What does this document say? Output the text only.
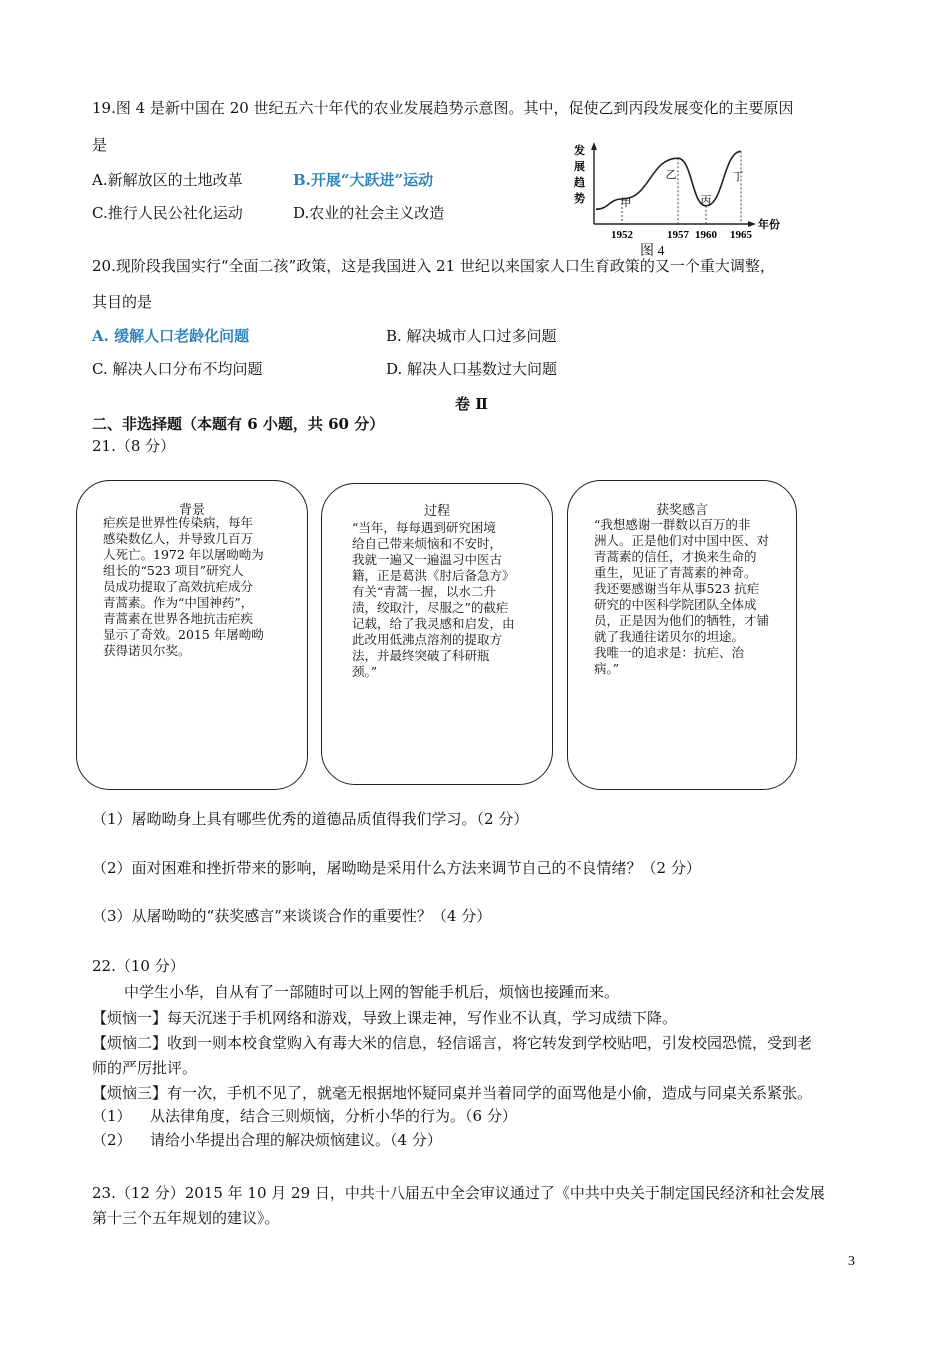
19.图 4 是新中国在 20 世纪五六十年代的农业发展趋势示意图。其中，促使乙到丙段发展变化的主要原因
是
A.新解放区的土地改革	B.开展“大跃进”运动
C.推行人民公社化运动	D.农业的社会主义改造
发
展
趋
势
年份
1952	1957 1960 1965
甲
乙
丙
丁
图 4
20.现阶段我国实行“全面二孩”政策，这是我国进入 21 世纪以来国家人口生育政策的又一个重大调整，
其目的是
A. 缓解人口老龄化问题	B. 解决城市人口过多问题
C. 解决人口分布不均问题	D. 解决人口基数过大问题
卷 Ⅱ
二、非选择题（本题有 6 小题，共 60 分）
21.（8 分）
背景
疟疾是世界性传染病，每年
感染数亿人，并导致几百万
人死亡。1972 年以屠呦呦为
组长的“523 项目”研究人
员成功提取了高效抗疟成分
青蒿素。作为“中国神药”，
青蒿素在世界各地抗击疟疾
显示了奇效。2015 年屠呦呦
获得诺贝尔奖。
过程
“当年，每每遇到研究困境
给自己带来烦恼和不安时，
我就一遍又一遍温习中医古
籍，正是葛洪《肘后备急方》
有关“青蒿一握，以水二升
渍，绞取汁，尽服之”的截疟
记载，给了我灵感和启发，由
此改用低沸点溶剂的提取方
法，并最终突破了科研瓶
颈。”
获奖感言
“我想感谢一群数以百万的非
洲人。正是他们对中国中医、对
青蒿素的信任，才换来生命的
重生，见证了青蒿素的神奇。
我还要感谢当年从事523 抗疟
研究的中医科学院团队全体成
员，正是因为他们的牺牲，才铺
就了我通往诺贝尔的坦途。
我唯一的追求是：抗疟、治
病。”
（1）屠呦呦身上具有哪些优秀的道德品质值得我们学习。（2 分）
（2）面对困难和挫折带来的影响，屠呦呦是采用什么方法来调节自己的不良情绪？（2 分）
（3）从屠呦呦的“获奖感言”来谈谈合作的重要性？（4 分）
22.（10 分）
中学生小华，自从有了一部随时可以上网的智能手机后，烦恼也接踵而来。
【烦恼一】每天沉迷于手机网络和游戏，导致上课走神，写作业不认真，学习成绩下降。
【烦恼二】收到一则本校食堂购入有毒大米的信息，轻信谣言，将它转发到学校贴吧，引发校园恐慌，受到老
师的严厉批评。
【烦恼三】有一次，手机不见了，就毫无根据地怀疑同桌并当着同学的面骂他是小偷，造成与同桌关系紧张。
（1） 从法律角度，结合三则烦恼，分析小华的行为。（6 分）
（2） 请给小华提出合理的解决烦恼建议。（4 分）
23.（12 分）2015 年 10 月 29 日，中共十八届五中全会审议通过了《中共中央关于制定国民经济和社会发展
第十三个五年规划的建议》。
3
